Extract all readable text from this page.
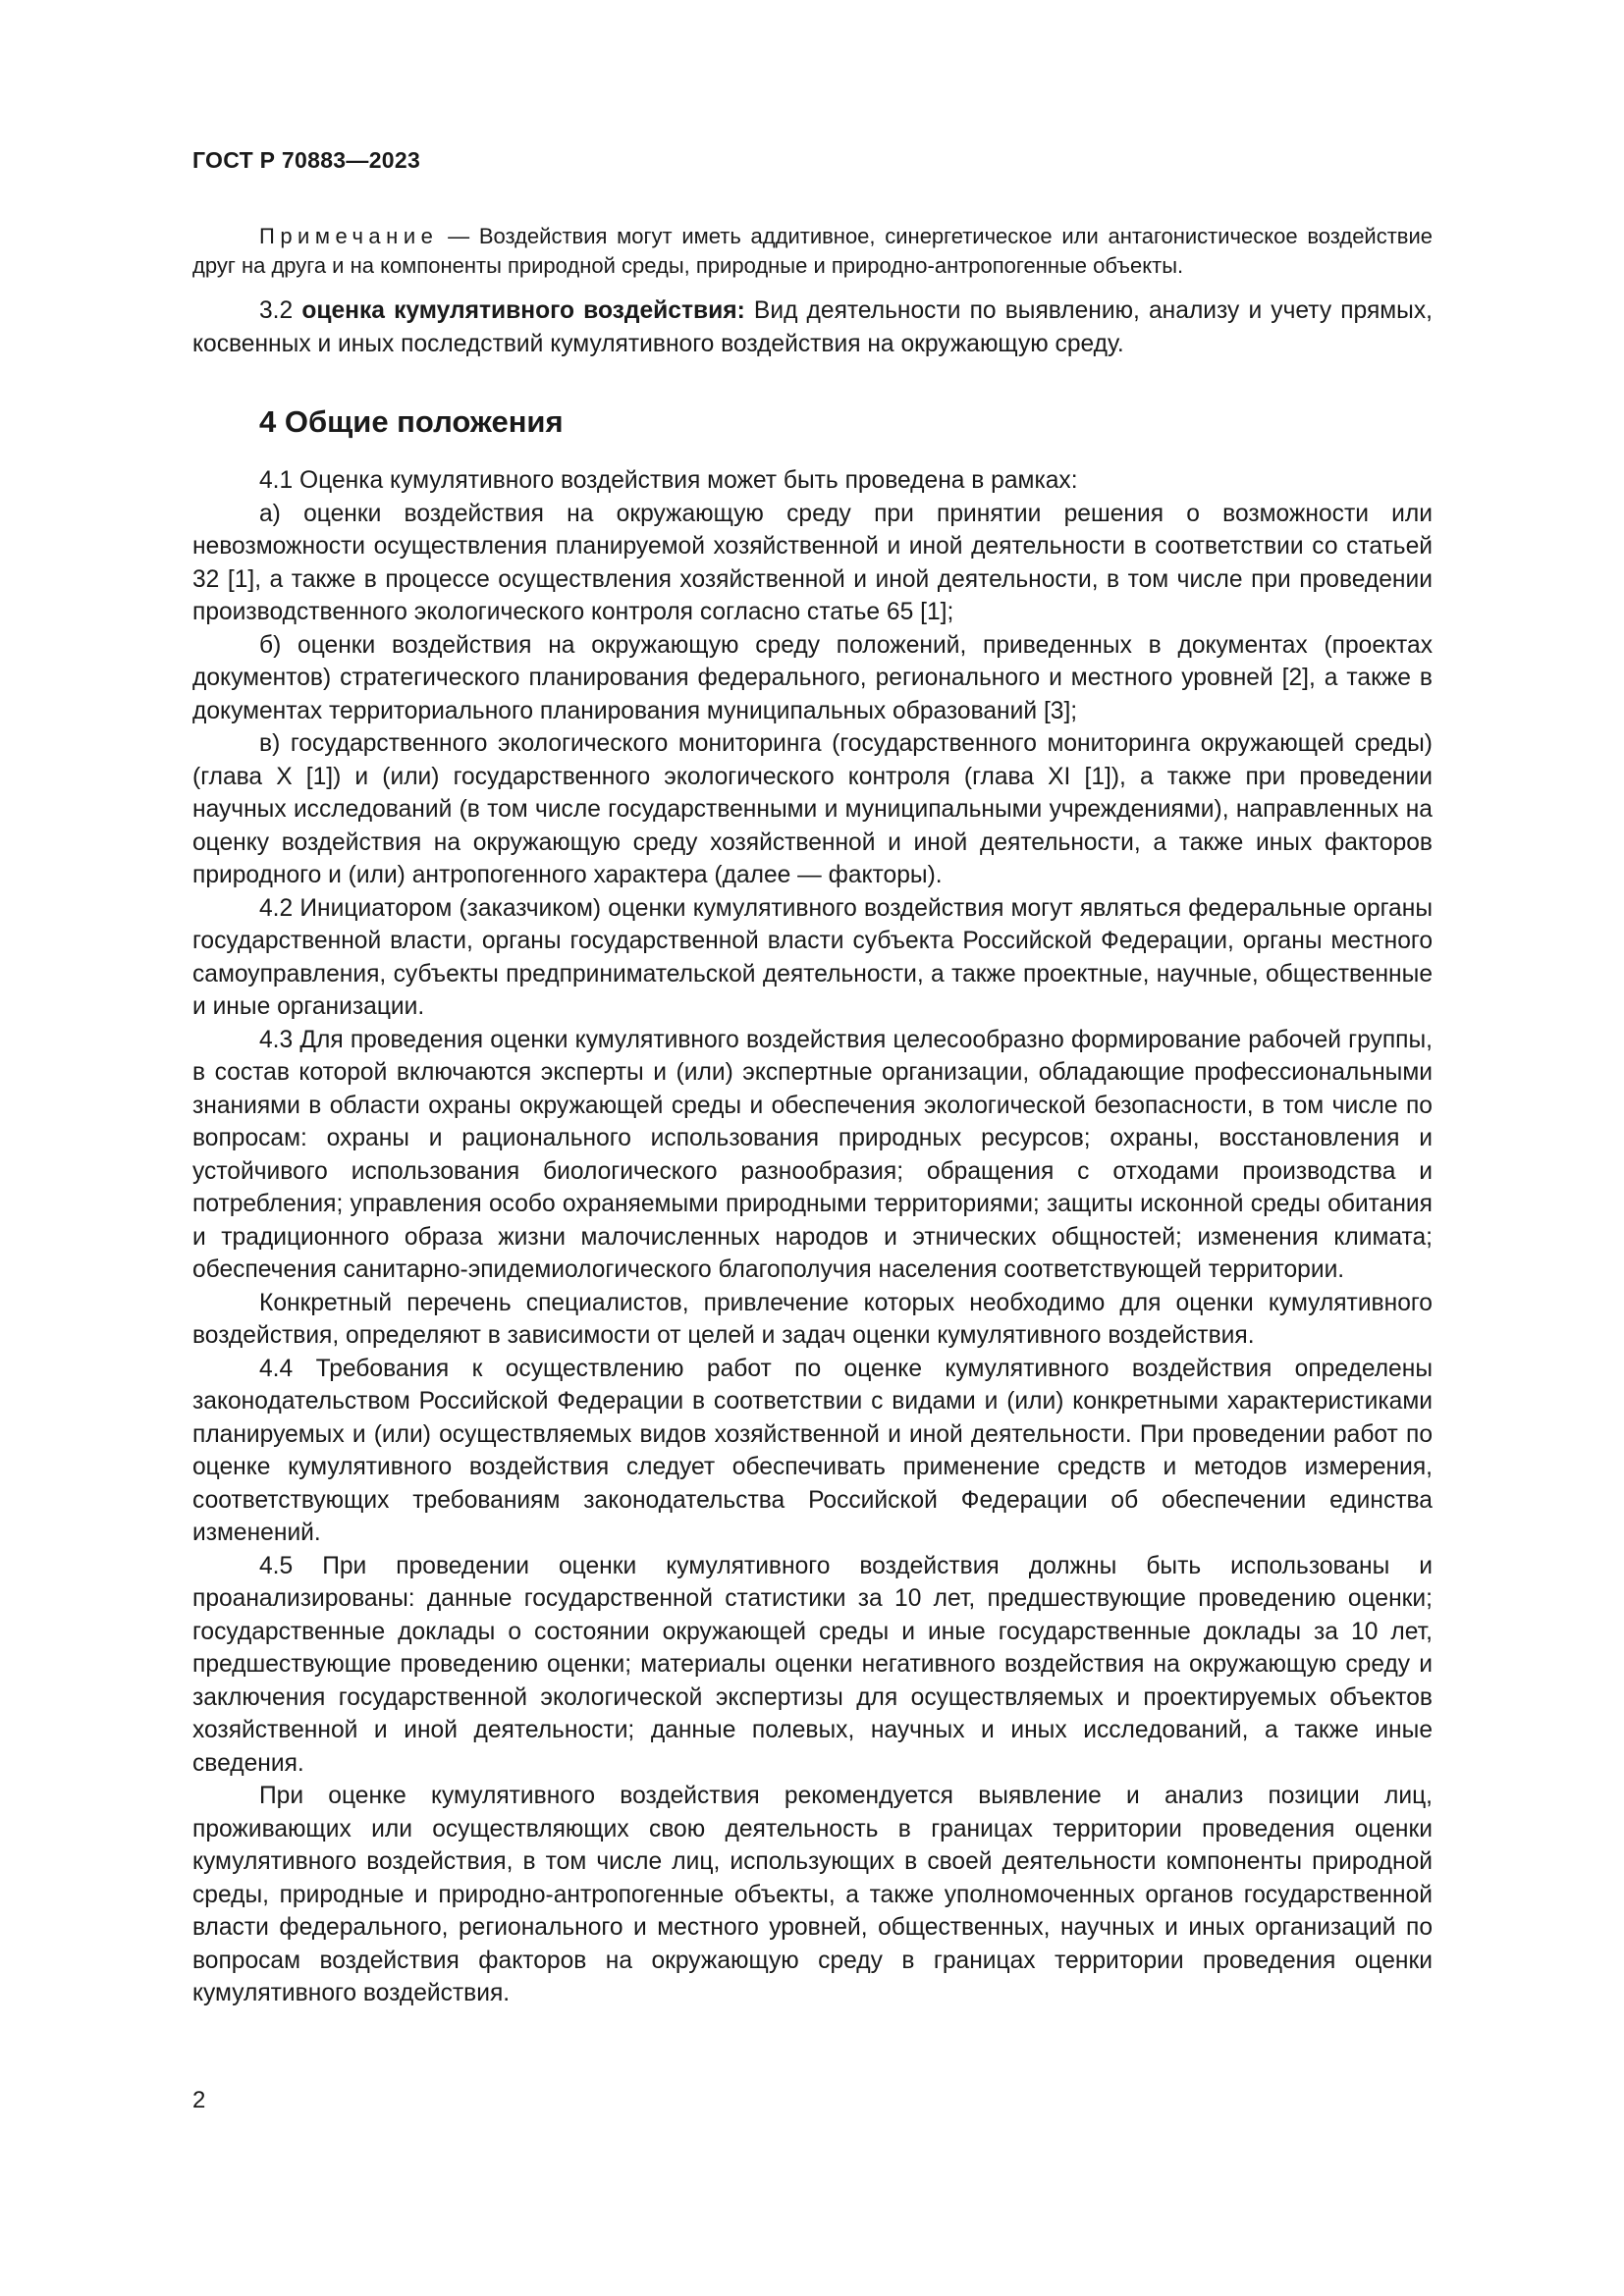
ГОСТ Р 70883—2023

Примечание — Воздействия могут иметь аддитивное, синергетическое или антагонистическое воздействие друг на друга и на компоненты природной среды, природные и природно-антропогенные объекты.

3.2 оценка кумулятивного воздействия: Вид деятельности по выявлению, анализу и учету прямых, косвенных и иных последствий кумулятивного воздействия на окружающую среду.

4 Общие положения

4.1 Оценка кумулятивного воздействия может быть проведена в рамках:

а) оценки воздействия на окружающую среду при принятии решения о возможности или невозможности осуществления планируемой хозяйственной и иной деятельности в соответствии со статьей 32 [1], а также в процессе осуществления хозяйственной и иной деятельности, в том числе при проведении производственного экологического контроля согласно статье 65 [1];

б) оценки воздействия на окружающую среду положений, приведенных в документах (проектах документов) стратегического планирования федерального, регионального и местного уровней [2], а также в документах территориального планирования муниципальных образований [3];

в) государственного экологического мониторинга (государственного мониторинга окружающей среды) (глава X [1]) и (или) государственного экологического контроля (глава XI [1]), а также при проведении научных исследований (в том числе государственными и муниципальными учреждениями), направленных на оценку воздействия на окружающую среду хозяйственной и иной деятельности, а также иных факторов природного и (или) антропогенного характера (далее — факторы).

4.2 Инициатором (заказчиком) оценки кумулятивного воздействия могут являться федеральные органы государственной власти, органы государственной власти субъекта Российской Федерации, органы местного самоуправления, субъекты предпринимательской деятельности, а также проектные, научные, общественные и иные организации.

4.3 Для проведения оценки кумулятивного воздействия целесообразно формирование рабочей группы, в состав которой включаются эксперты и (или) экспертные организации, обладающие профессиональными знаниями в области охраны окружающей среды и обеспечения экологической безопасности, в том числе по вопросам: охраны и рационального использования природных ресурсов; охраны, восстановления и устойчивого использования биологического разнообразия; обращения с отходами производства и потребления; управления особо охраняемыми природными территориями; защиты исконной среды обитания и традиционного образа жизни малочисленных народов и этнических общностей; изменения климата; обеспечения санитарно-эпидемиологического благополучия населения соответствующей территории.

Конкретный перечень специалистов, привлечение которых необходимо для оценки кумулятивного воздействия, определяют в зависимости от целей и задач оценки кумулятивного воздействия.

4.4 Требования к осуществлению работ по оценке кумулятивного воздействия определены законодательством Российской Федерации в соответствии с видами и (или) конкретными характеристиками планируемых и (или) осуществляемых видов хозяйственной и иной деятельности. При проведении работ по оценке кумулятивного воздействия следует обеспечивать применение средств и методов измерения, соответствующих требованиям законодательства Российской Федерации об обеспечении единства изменений.

4.5 При проведении оценки кумулятивного воздействия должны быть использованы и проанализированы: данные государственной статистики за 10 лет, предшествующие проведению оценки; государственные доклады о состоянии окружающей среды и иные государственные доклады за 10 лет, предшествующие проведению оценки; материалы оценки негативного воздействия на окружающую среду и заключения государственной экологической экспертизы для осуществляемых и проектируемых объектов хозяйственной и иной деятельности; данные полевых, научных и иных исследований, а также иные сведения.

При оценке кумулятивного воздействия рекомендуется выявление и анализ позиции лиц, проживающих или осуществляющих свою деятельность в границах территории проведения оценки кумулятивного воздействия, в том числе лиц, использующих в своей деятельности компоненты природной среды, природные и природно-антропогенные объекты, а также уполномоченных органов государственной власти федерального, регионального и местного уровней, общественных, научных и иных организаций по вопросам воздействия факторов на окружающую среду в границах территории проведения оценки кумулятивного воздействия.

2
